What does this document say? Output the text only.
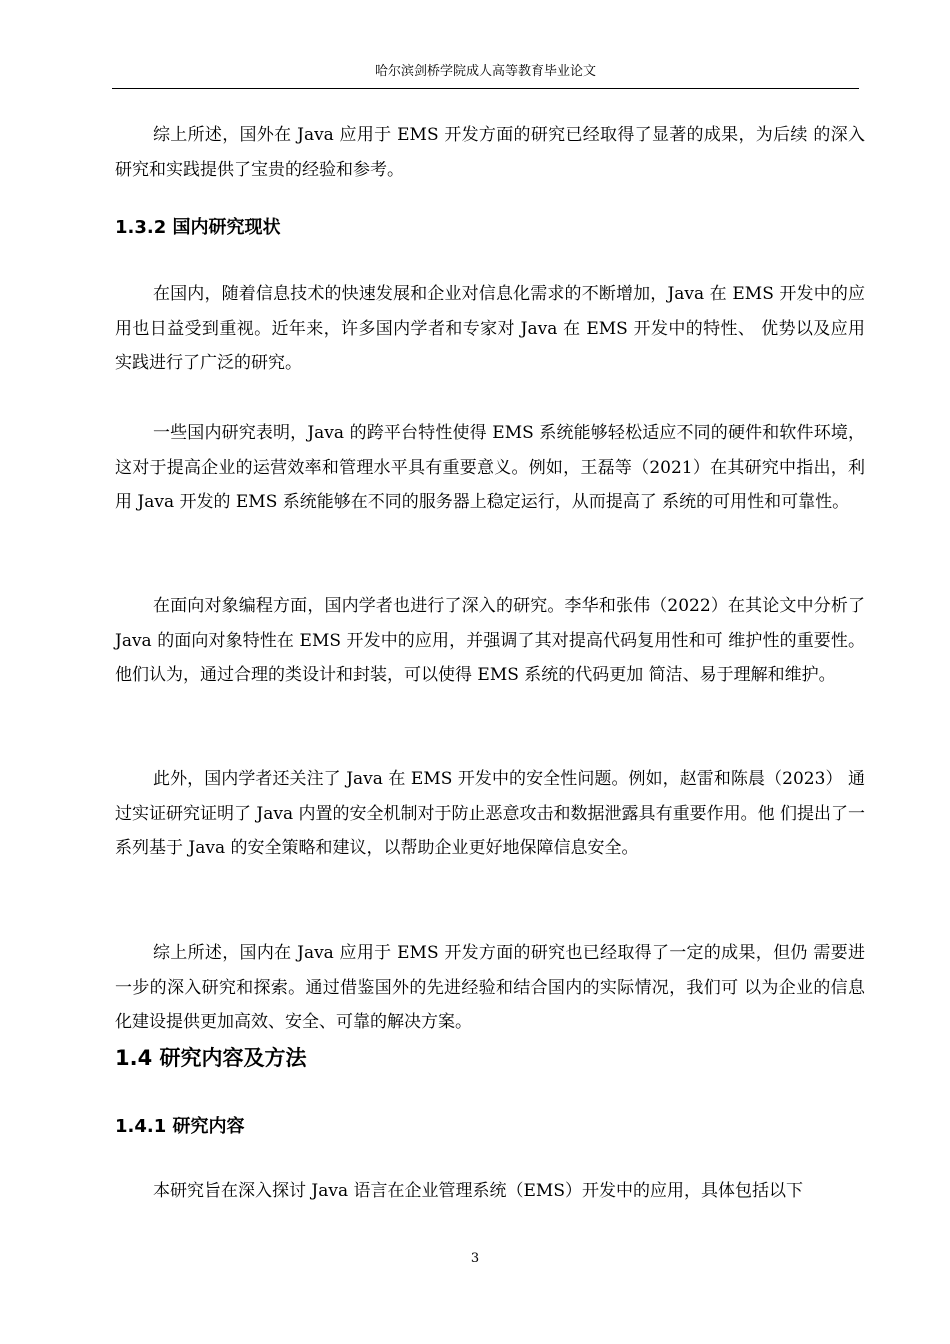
哈尔滨剑桥学院成人高等教育毕业论文

综上所述，国外在 Java 应用于 EMS 开发方面的研究已经取得了显著的成果，为后续 的深入研究和实践提供了宝贵的经验和参考。

1.3.2 国内研究现状

在国内，随着信息技术的快速发展和企业对信息化需求的不断增加，Java 在 EMS 开发中的应用也日益受到重视。近年来，许多国内学者和专家对 Java 在 EMS 开发中的特性、 优势以及应用实践进行了广泛的研究。

一些国内研究表明，Java 的跨平台特性使得 EMS 系统能够轻松适应不同的硬件和软件环境，这对于提高企业的运营效率和管理水平具有重要意义。例如，王磊等（2021）在其研究中指出，利用 Java 开发的 EMS 系统能够在不同的服务器上稳定运行，从而提高了 系统的可用性和可靠性。

在面向对象编程方面，国内学者也进行了深入的研究。李华和张伟（2022）在其论文中分析了 Java 的面向对象特性在 EMS 开发中的应用，并强调了其对提高代码复用性和可 维护性的重要性。他们认为，通过合理的类设计和封装，可以使得 EMS 系统的代码更加 简洁、易于理解和维护。

此外，国内学者还关注了 Java 在 EMS 开发中的安全性问题。例如，赵雷和陈晨（2023） 通过实证研究证明了 Java 内置的安全机制对于防止恶意攻击和数据泄露具有重要作用。他 们提出了一系列基于 Java 的安全策略和建议，以帮助企业更好地保障信息安全。

综上所述，国内在 Java 应用于 EMS 开发方面的研究也已经取得了一定的成果，但仍 需要进一步的深入研究和探索。通过借鉴国外的先进经验和结合国内的实际情况，我们可 以为企业的信息化建设提供更加高效、安全、可靠的解决方案。

1.4 研究内容及方法
1.4.1 研究内容

本研究旨在深入探讨 Java 语言在企业管理系统（EMS）开发中的应用，具体包括以下

3
